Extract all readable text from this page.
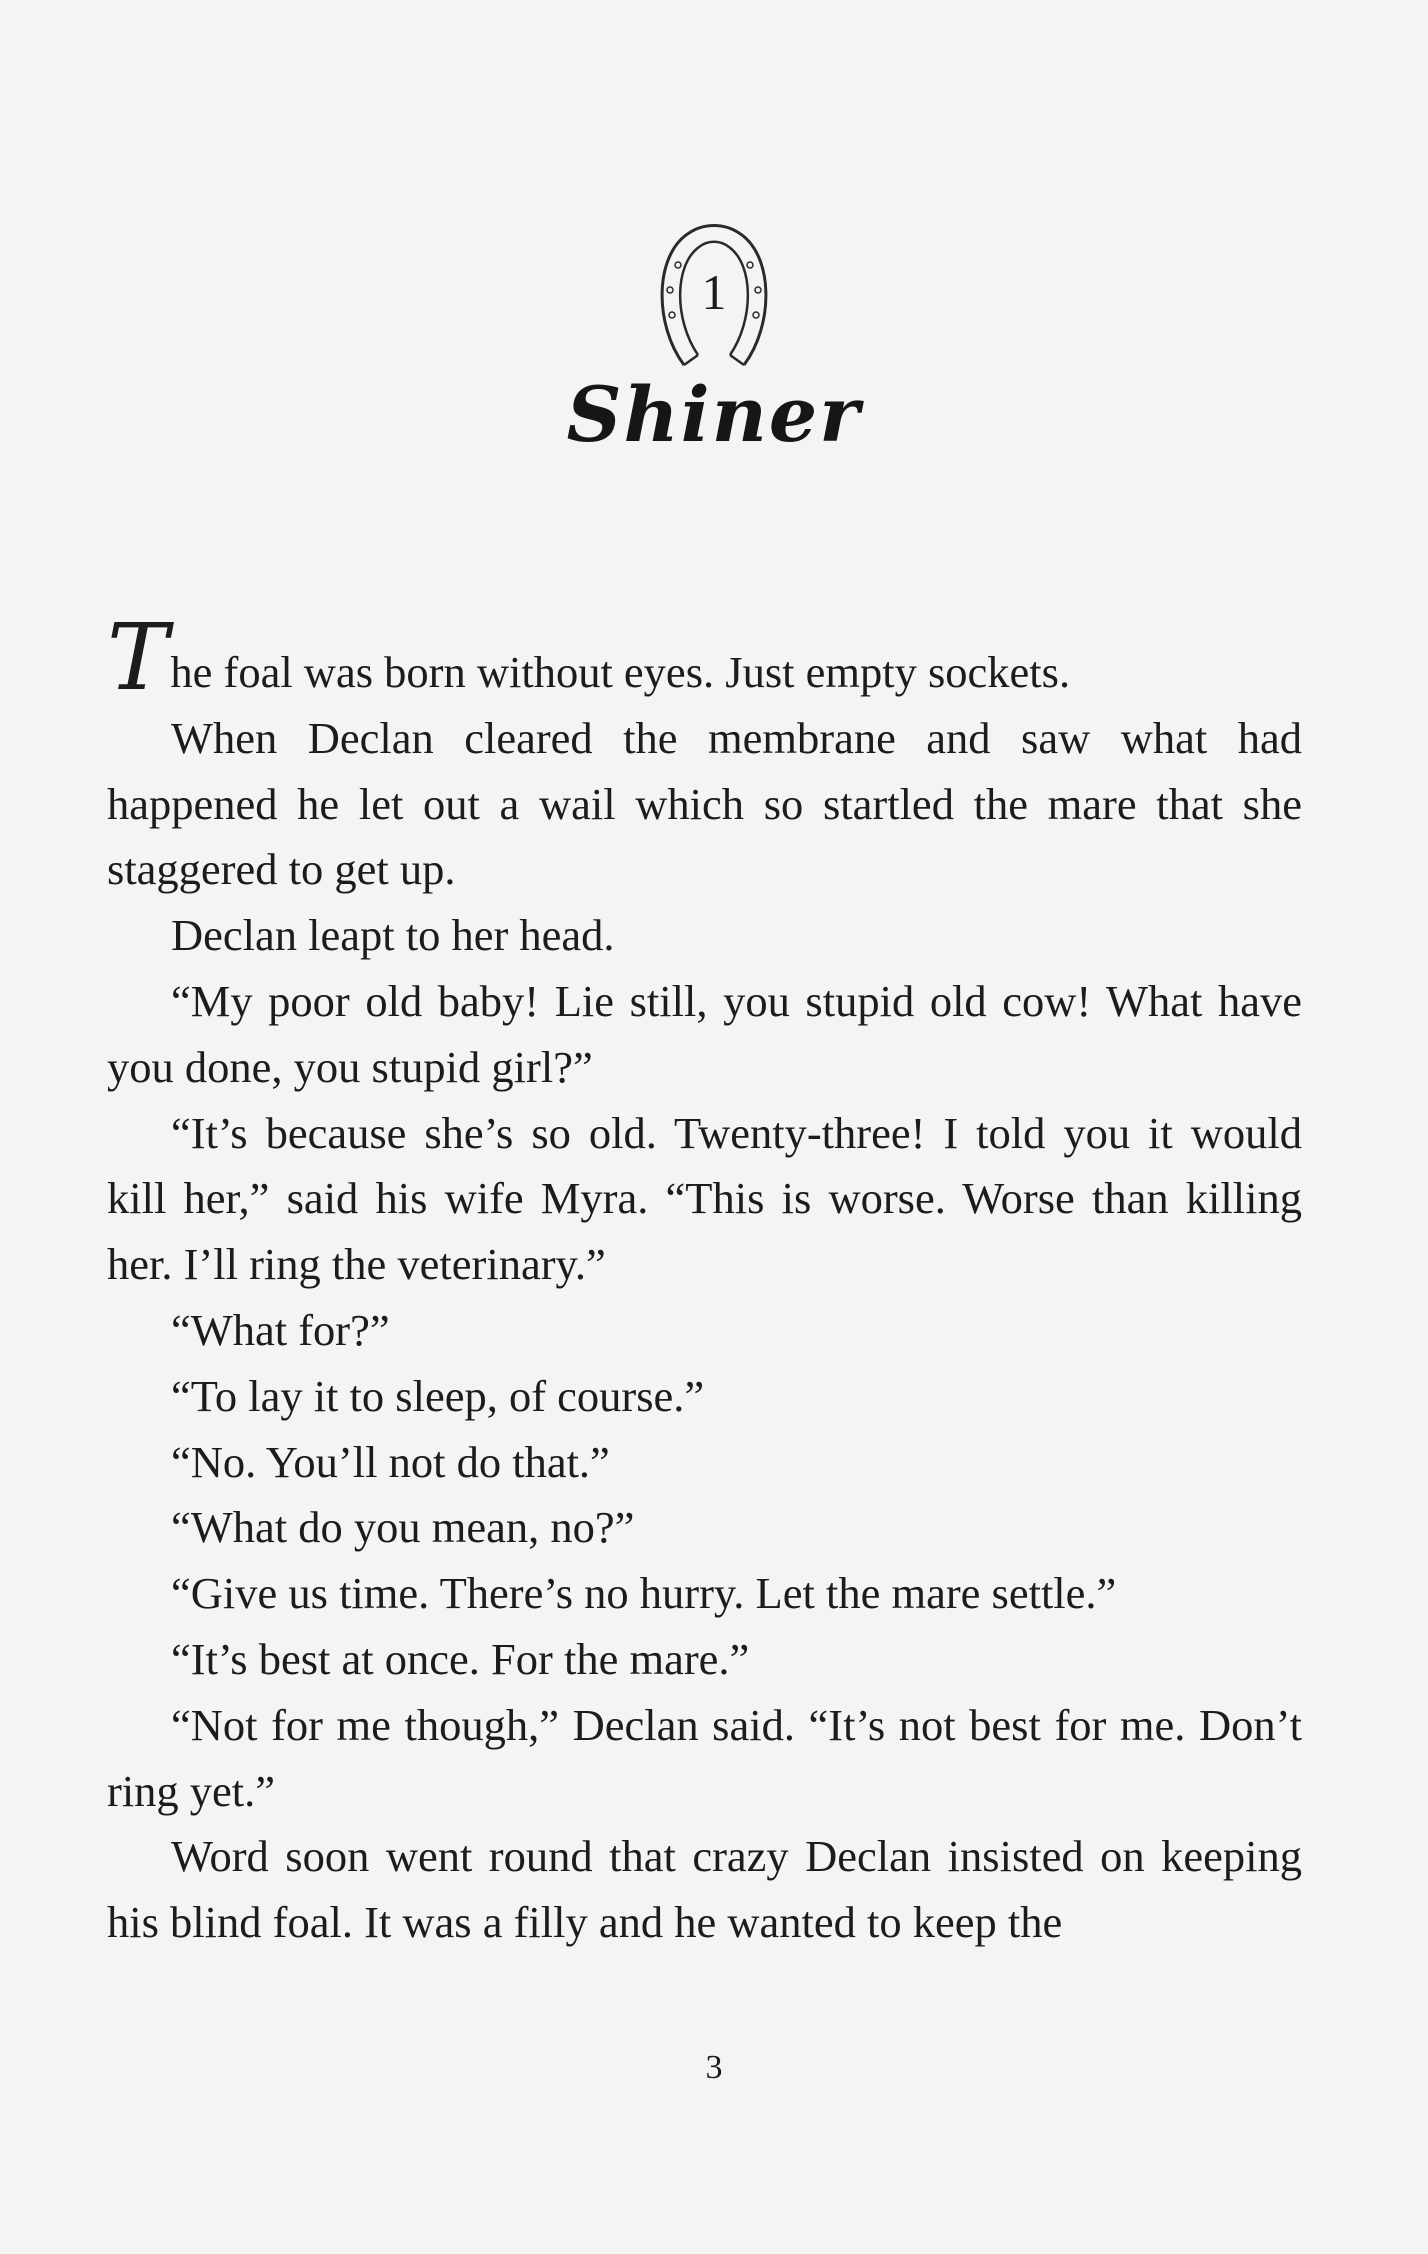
1
Shiner

The foal was born without eyes. Just empty sockets.

When Declan cleared the membrane and saw what had happened he let out a wail which so startled the mare that she staggered to get up.

Declan leapt to her head.

“My poor old baby! Lie still, you stupid old cow! What have you done, you stupid girl?”

“It’s because she’s so old. Twenty-three! I told you it would kill her,” said his wife Myra. “This is worse. Worse than killing her. I’ll ring the veterinary.”

“What for?”

“To lay it to sleep, of course.”

“No. You’ll not do that.”

“What do you mean, no?”

“Give us time. There’s no hurry. Let the mare settle.”

“It’s best at once. For the mare.”

“Not for me though,” Declan said. “It’s not best for me. Don’t ring yet.”

Word soon went round that crazy Declan insisted on keeping his blind foal. It was a filly and he wanted to keep the

3
